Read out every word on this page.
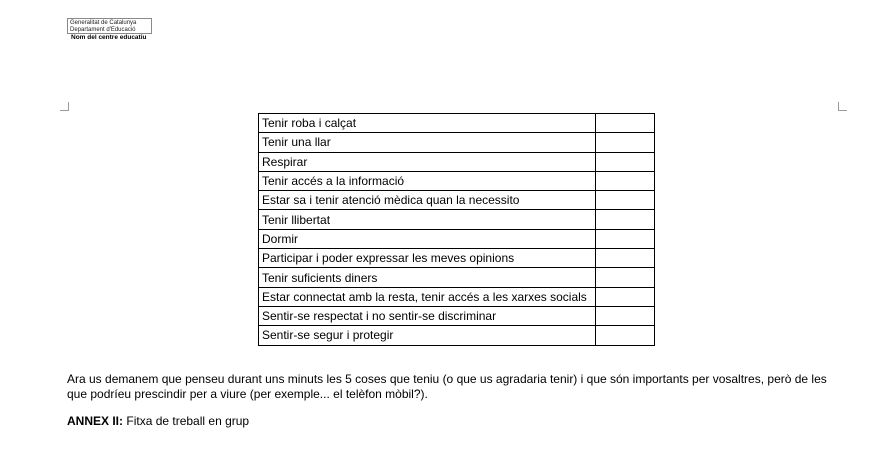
Generalitat de Catalunya
Departament d'Educació
Nom del centre educatiu
Tenir roba i calçat	
Tenir una llar	
Respirar	
Tenir accés a la informació	
Estar sa i tenir atenció mèdica quan la necessito	
Tenir llibertat	
Dormir	
Participar i poder expressar les meves opinions	
Tenir suficients diners	
Estar connectat amb la resta, tenir accés a les xarxes socials	
Sentir-se respectat i no sentir-se discriminar	
Sentir-se segur i protegir	
Ara us demanem que penseu durant uns minuts les 5 coses que teniu (o que us agradaria tenir) i que són importants per vosaltres, però de les que podríeu prescindir per a viure (per exemple... el telèfon mòbil?).
ANNEX II: Fitxa de treball en grup
